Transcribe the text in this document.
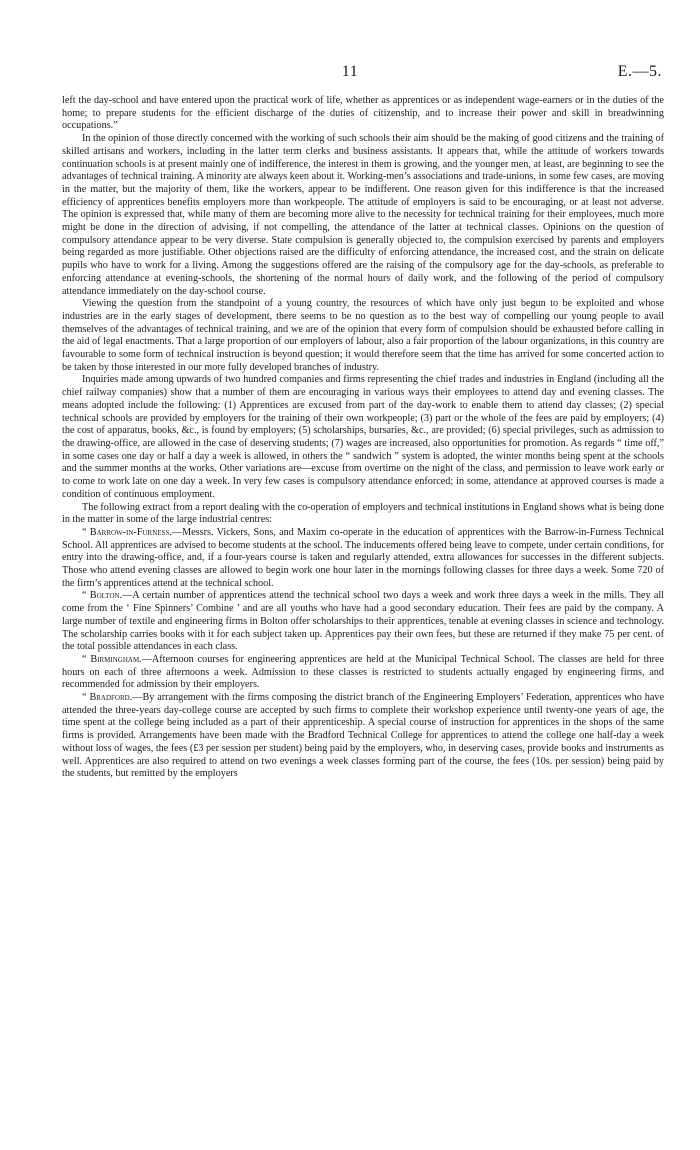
11	E.—5.

left the day-school and have entered upon the practical work of life, whether as apprentices or as independent wage-earners or in the duties of the home; to prepare students for the efficient discharge of the duties of citizenship, and to increase their power and skill in breadwinning occupations.”

In the opinion of those directly concerned with the working of such schools their aim should be the making of good citizens and the training of skilled artisans and workers, including in the latter term clerks and business assistants. It appears that, while the attitude of workers towards continuation schools is at present mainly one of indifference, the interest in them is growing, and the younger men, at least, are beginning to see the advantages of technical training. A minority are always keen about it. Working-men’s associations and trade-unions, in some few cases, are moving in the matter, but the majority of them, like the workers, appear to be indifferent. One reason given for this indifference is that the increased efficiency of apprentices benefits employers more than workpeople. The attitude of employers is said to be encouraging, or at least not adverse. The opinion is expressed that, while many of them are becoming more alive to the necessity for technical training for their employees, much more might be done in the direction of advising, if not compelling, the attendance of the latter at technical classes. Opinions on the question of compulsory attendance appear to be very diverse. State compulsion is generally objected to, the compulsion exercised by parents and employers being regarded as more justifiable. Other objections raised are the difficulty of enforcing attendance, the increased cost, and the strain on delicate pupils who have to work for a living. Among the suggestions offered are the raising of the compulsory age for the day-schools, as preferable to enforcing attendance at evening-schools, the shortening of the normal hours of daily work, and the following of the period of compulsory attendance immediately on the day-school course.

Viewing the question from the standpoint of a young country, the resources of which have only just begun to be exploited and whose industries are in the early stages of development, there seems to be no question as to the best way of compelling our young people to avail themselves of the advantages of technical training, and we are of the opinion that every form of compulsion should be exhausted before calling in the aid of legal enactments. That a large proportion of our employers of labour, also a fair proportion of the labour organizations, in this country are favourable to some form of technical instruction is beyond question; it would therefore seem that the time has arrived for some concerted action to be taken by those interested in our more fully developed branches of industry.

Inquiries made among upwards of two hundred companies and firms representing the chief trades and industries in England (including all the chief railway companies) show that a number of them are encouraging in various ways their employees to attend day and evening classes. The means adopted include the following: (1) Apprentices are excused from part of the day-work to enable them to attend day classes; (2) special technical schools are provided by employers for the training of their own workpeople; (3) part or the whole of the fees are paid by employers; (4) the cost of apparatus, books, &c., is found by employers; (5) scholarships, bursaries, &c., are provided; (6) special privileges, such as admission to the drawing-office, are allowed in the case of deserving students; (7) wages are increased, also opportunities for promotion. As regards “ time off,” in some cases one day or half a day a week is allowed, in others the “ sandwich ” system is adopted, the winter months being spent at the schools and the summer months at the works. Other variations are—excuse from overtime on the night of the class, and permission to leave work early or to come to work late on one day a week. In very few cases is compulsory attendance enforced; in some, attendance at approved courses is made a condition of continuous employment.

The following extract from a report dealing with the co-operation of employers and technical institutions in England shows what is being done in the matter in some of the large industrial centres:

“ Barrow-in-Furness.—Messrs. Vickers, Sons, and Maxim co-operate in the education of apprentices with the Barrow-in-Furness Technical School. All apprentices are advised to become students at the school. The inducements offered being leave to compete, under certain conditions, for entry into the drawing-office, and, if a four-years course is taken and regularly attended, extra allowances for successes in the different subjects. Those who attend evening classes are allowed to begin work one hour later in the mornings following classes for three days a week. Some 720 of the firm’s apprentices attend at the technical school.

“ Bolton.—A certain number of apprentices attend the technical school two days a week and work three days a week in the mills. They all come from the ‘ Fine Spinners’ Combine ’ and are all youths who have had a good secondary education. Their fees are paid by the company. A large number of textile and engineering firms in Bolton offer scholarships to their apprentices, tenable at evening classes in science and technology. The scholarship carries books with it for each subject taken up. Apprentices pay their own fees, but these are returned if they make 75 per cent. of the total possible attendances in each class.

“ Birmingham.—Afternoon courses for engineering apprentices are held at the Municipal Technical School. The classes are held for three hours on each of three afternoons a week. Admission to these classes is restricted to students actually engaged by engineering firms, and recommended for admission by their employers.

“ Bradford.—By arrangement with the firms composing the district branch of the Engineering Employers’ Federation, apprentices who have attended the three-years day-college course are accepted by such firms to complete their workshop experience until twenty-one years of age, the time spent at the college being included as a part of their apprenticeship. A special course of instruction for apprentices in the shops of the same firms is provided. Arrangements have been made with the Bradford Technical College for apprentices to attend the college one half-day a week without loss of wages, the fees (£3 per session per student) being paid by the employers, who, in deserving cases, provide books and instruments as well. Apprentices are also required to attend on two evenings a week classes forming part of the course, the fees (10s. per session) being paid by the students, but remitted by the employers
